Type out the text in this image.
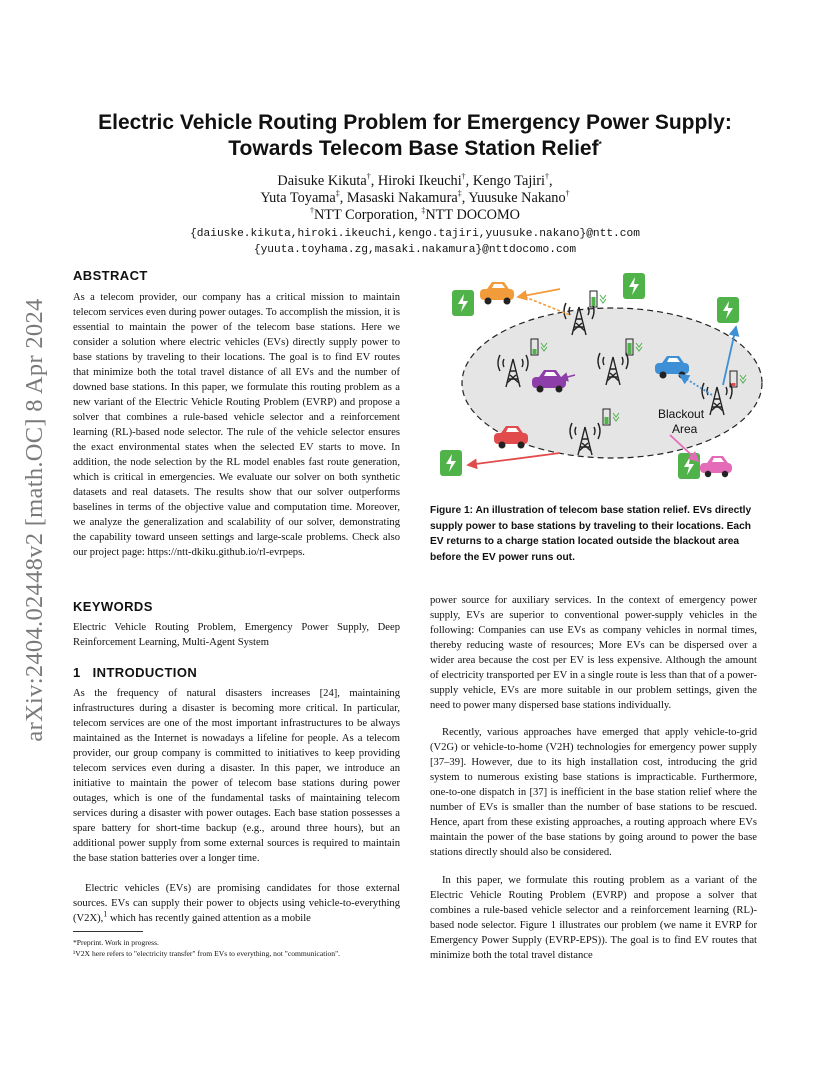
arXiv:2404.02448v2 [math.OC] 8 Apr 2024
Electric Vehicle Routing Problem for Emergency Power Supply:
Towards Telecom Base Station Relief*
Daisuke Kikuta†, Hiroki Ikeuchi†, Kengo Tajiri†,
Yuta Toyama‡, Masaski Nakamura‡, Yuusuke Nakano†
†NTT Corporation, ‡NTT DOCOMO
{daiuske.kikuta,hiroki.ikeuchi,kengo.tajiri,yuusuke.nakano}@ntt.com
{yuuta.toyhama.zg,masaki.nakamura}@nttdocomo.com
ABSTRACT
As a telecom provider, our company has a critical mission to maintain telecom services even during power outages. To accomplish the mission, it is essential to maintain the power of the telecom base stations. Here we consider a solution where electric vehicles (EVs) directly supply power to base stations by traveling to their locations. The goal is to find EV routes that minimize both the total travel distance of all EVs and the number of downed base stations. In this paper, we formulate this routing problem as a new variant of the Electric Vehicle Routing Problem (EVRP) and propose a solver that combines a rule-based vehicle selector and a reinforcement learning (RL)-based node selector. The rule of the vehicle selector ensures the exact environmental states when the selected EV starts to move. In addition, the node selection by the RL model enables fast route generation, which is critical in emergencies. We evaluate our solver on both synthetic datasets and real datasets. The results show that our solver outperforms baselines in terms of the objective value and computation time. Moreover, we analyze the generalization and scalability of our solver, demonstrating the capability toward unseen settings and large-scale problems. Check also our project page: https://ntt-dkiku.github.io/rl-evrpeps.
KEYWORDS
Electric Vehicle Routing Problem, Emergency Power Supply, Deep Reinforcement Learning, Multi-Agent System
1   INTRODUCTION
As the frequency of natural disasters increases [24], maintaining infrastructures during a disaster is becoming more critical. In particular, telecom services are one of the most important infrastructures to be always maintained as the Internet is nowadays a lifeline for people. As a telecom provider, our group company is committed to initiatives to keep providing telecom services even during a disaster. In this paper, we introduce an initiative to maintain the power of telecom base stations during power outages, which is one of the fundamental tasks of maintaining telecom services during a disaster with power outages. Each base station possesses a spare battery for short-time backup (e.g., around three hours), but an additional power supply from some external sources is required to maintain the base station batteries over a longer time.
Electric vehicles (EVs) are promising candidates for those external sources. EVs can supply their power to objects using vehicle-to-everything (V2X),$^1$ which has recently gained attention as a mobile
*Preprint. Work in progress.
¹V2X here refers to "electricity transfer" from EVs to everything, not "communication".
Blackout
Area
Figure 1: An illustration of telecom base station relief. EVs directly supply power to base stations by traveling to their locations. Each EV returns to a charge station located outside the blackout area before the EV power runs out.
power source for auxiliary services. In the context of emergency power supply, EVs are superior to conventional power-supply vehicles in the following: Companies can use EVs as company vehicles in normal times, thereby reducing waste of resources; More EVs can be dispersed over a wider area because the cost per EV is less expensive. Although the amount of electricity transported per EV in a single route is less than that of a power-supply vehicle, EVs are more suitable in our problem settings, given the need to power many dispersed base stations individually.
Recently, various approaches have emerged that apply vehicle-to-grid (V2G) or vehicle-to-home (V2H) technologies for emergency power supply [37–39]. However, due to its high installation cost, introducing the grid system to numerous existing base stations is impracticable. Furthermore, one-to-one dispatch in [37] is inefficient in the base station relief where the number of EVs is smaller than the number of base stations to be rescued. Hence, apart from these existing approaches, a routing approach where EVs maintain the power of the base stations by going around to power the base stations directly should also be considered.
In this paper, we formulate this routing problem as a variant of the Electric Vehicle Routing Problem (EVRP) and propose a solver that combines a rule-based vehicle selector and a reinforcement learning (RL)-based node selector. Figure 1 illustrates our problem (we name it EVRP for Emergency Power Supply (EVRP-EPS)). The goal is to find EV routes that minimize both the total travel distance
